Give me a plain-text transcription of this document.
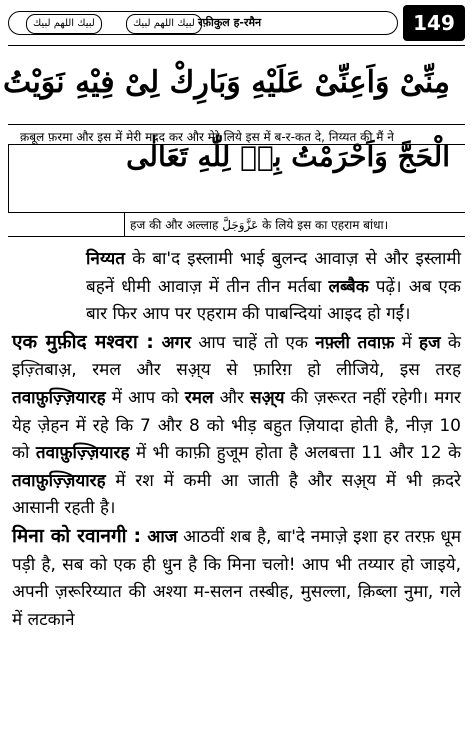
لبيك اللهم لبيك	لبيك اللهم لبيك रफ़ीकुल ह-रमैन	149
مِنِّیْ وَاَعِنِّیْ عَلَیْهِ وَبَارِكْ لِیْ فِیْهِ نَوَیْتُ
क़बूल फ़रमा और इस में मेरी मदद कर और मेरे लिये इस में ब-र-कत दे, निय्यत की मैं ने
الْحَجَّ وَاَحْرَمْتُ بِهٖ لِلّٰهِ تَعَالٰی
हज की और अल्लाह عَزَّوَجَلَّ के लिये इस का एहराम बांधा।

निय्यत के बा'द इस्लामी भाई बुलन्द आवाज़ से और इस्लामी बहनें धीमी आवाज़ में तीन तीन मर्तबा लब्बैक पढ़ें। अब एक बार फिर आप पर एहराम की पाबन्दियां आइद हो गईं।

एक मुफ़ीद मश्वरा : अगर आप चाहें तो एक नफ़्ली तवाफ़ में हज के इज़्तिबाअ़, रमल और सअ़्य से फ़ारिग़ हो लीजिये, इस तरह तवाफ़ुज़्ज़ियारह में आप को रमल और सअ़्य की ज़रूरत नहीं रहेगी। मगर येह ज़ेहन में रहे कि 7 और 8 को भीड़ बहुत ज़ियादा होती है, नीज़ 10 को तवाफ़ुज़्ज़ियारह में भी काफ़ी हुजूम होता है अलबत्ता 11 और 12 के तवाफ़ुज़्ज़ियारह में रश में कमी आ जाती है और सअ़्य में भी क़दरे आसानी रहती है।

मिना को रवानगी : आज आठवीं शब है, बा'दे नमाज़े इशा हर तरफ़ धूम पड़ी है, सब को एक ही धुन है कि मिना चलो! आप भी तय्यार हो जाइये, अपनी ज़रूरिय्यात की अश्या म-सलन तस्बीह, मुसल्ला, क़िब्ला नुमा, गले में लटकाने
